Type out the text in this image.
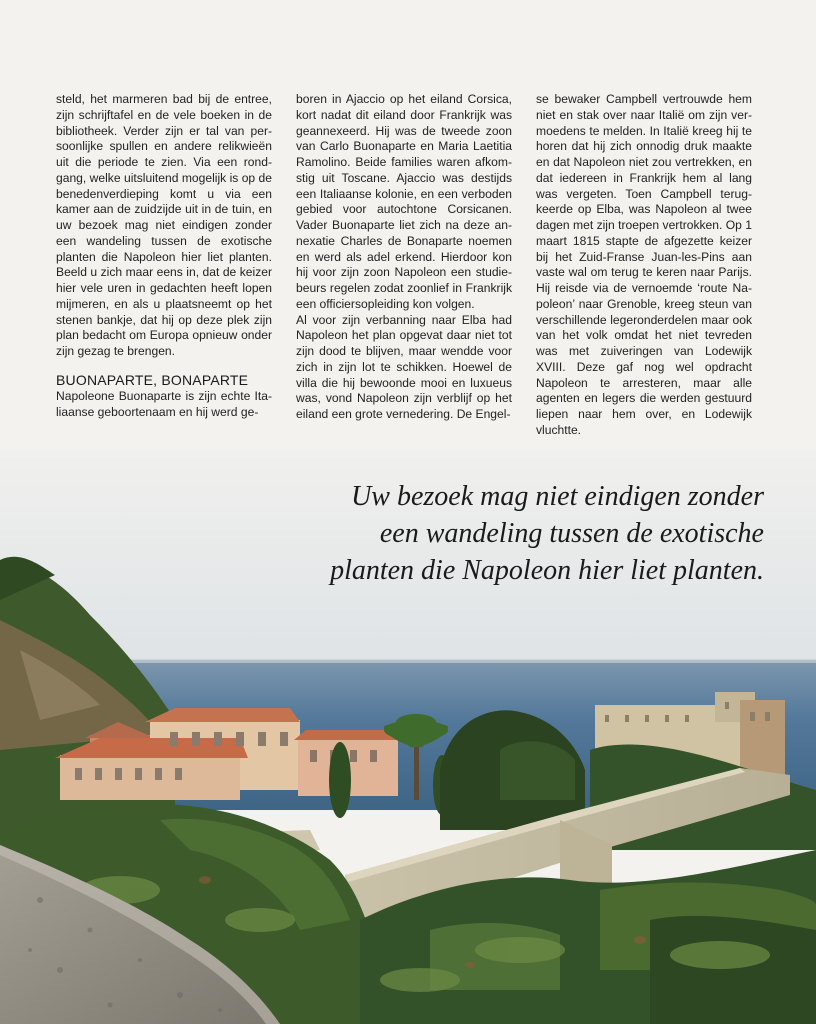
steld, het marmeren bad bij de entree, zijn schrijftafel en de vele boeken in de bibliotheek. Verder zijn er tal van per-soonlijke spullen en andere relikwieën uit die periode te zien. Via een rond-gang, welke uitsluitend mogelijk is op de benedenverdieping komt u via een kamer aan de zuidzijde uit in de tuin, en uw bezoek mag niet eindigen zonder een wandeling tussen de exotische planten die Napoleon hier liet planten. Beeld u zich maar eens in, dat de keizer hier vele uren in gedachten heeft lopen mijmeren, en als u plaatsneemt op het stenen bankje, dat hij op deze plek zijn plan bedacht om Europa opnieuw onder zijn gezag te brengen.

BUONAPARTE, BONAPARTE

Napoleone Buonaparte is zijn echte Ita-liaanse geboortenaam en hij werd ge-

boren in Ajaccio op het eiland Corsica, kort nadat dit eiland door Frankrijk was geannexeerd. Hij was de tweede zoon van Carlo Buonaparte en Maria Laetitia Ramolino. Beide families waren afkom-stig uit Toscane. Ajaccio was destijds een Italiaanse kolonie, en een verboden gebied voor autochtone Corsicanen. Vader Buonaparte liet zich na deze an-nexatie Charles de Bonaparte noemen en werd als adel erkend. Hierdoor kon hij voor zijn zoon Napoleon een studie-beurs regelen zodat zoonlief in Frankrijk een officiersopleiding kon volgen.

Al voor zijn verbanning naar Elba had Napoleon het plan opgevat daar niet tot zijn dood te blijven, maar wendde voor zich in zijn lot te schikken. Hoewel de villa die hij bewoonde mooi en luxueus was, vond Napoleon zijn verblijf op het eiland een grote vernedering. De Engel-

se bewaker Campbell vertrouwde hem niet en stak over naar Italië om zijn ver-moedens te melden. In Italië kreeg hij te horen dat hij zich onnodig druk maakte en dat Napoleon niet zou vertrekken, en dat iedereen in Frankrijk hem al lang was vergeten. Toen Campbell terug-keerde op Elba, was Napoleon al twee dagen met zijn troepen vertrokken. Op 1 maart 1815 stapte de afgezette keizer bij het Zuid-Franse Juan-les-Pins aan vaste wal om terug te keren naar Parijs. Hij reisde via de vernoemde ‘route Na-poleon’ naar Grenoble, kreeg steun van verschillende legeronderdelen maar ook van het volk omdat het niet tevreden was met zuiveringen van Lodewijk XVIII. Deze gaf nog wel opdracht Napoleon te arresteren, maar alle agenten en legers die werden gestuurd liepen naar hem over, en Lodewijk vluchtte.

Uw bezoek mag niet eindigen zonder
een wandeling tussen de exotische
planten die Napoleon hier liet planten.
